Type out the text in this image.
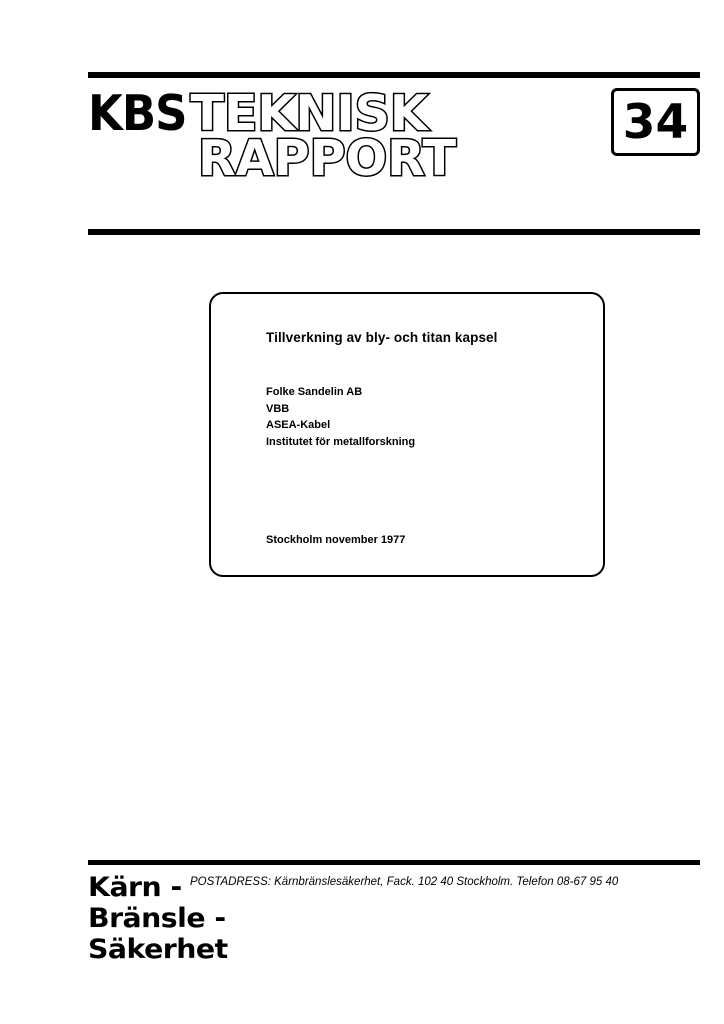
KBS TEKNISK
RAPPORT
34
Tillverkning av bly- och titan kapsel
Folke Sandelin AB
VBB
ASEA-Kabel
Institutet för metallforskning
Stockholm november 1977
Kärn -
Bränsle -
Säkerhet
POSTADRESS: Kärnbränslesäkerhet, Fack. 102 40 Stockholm. Telefon 08-67 95 40
